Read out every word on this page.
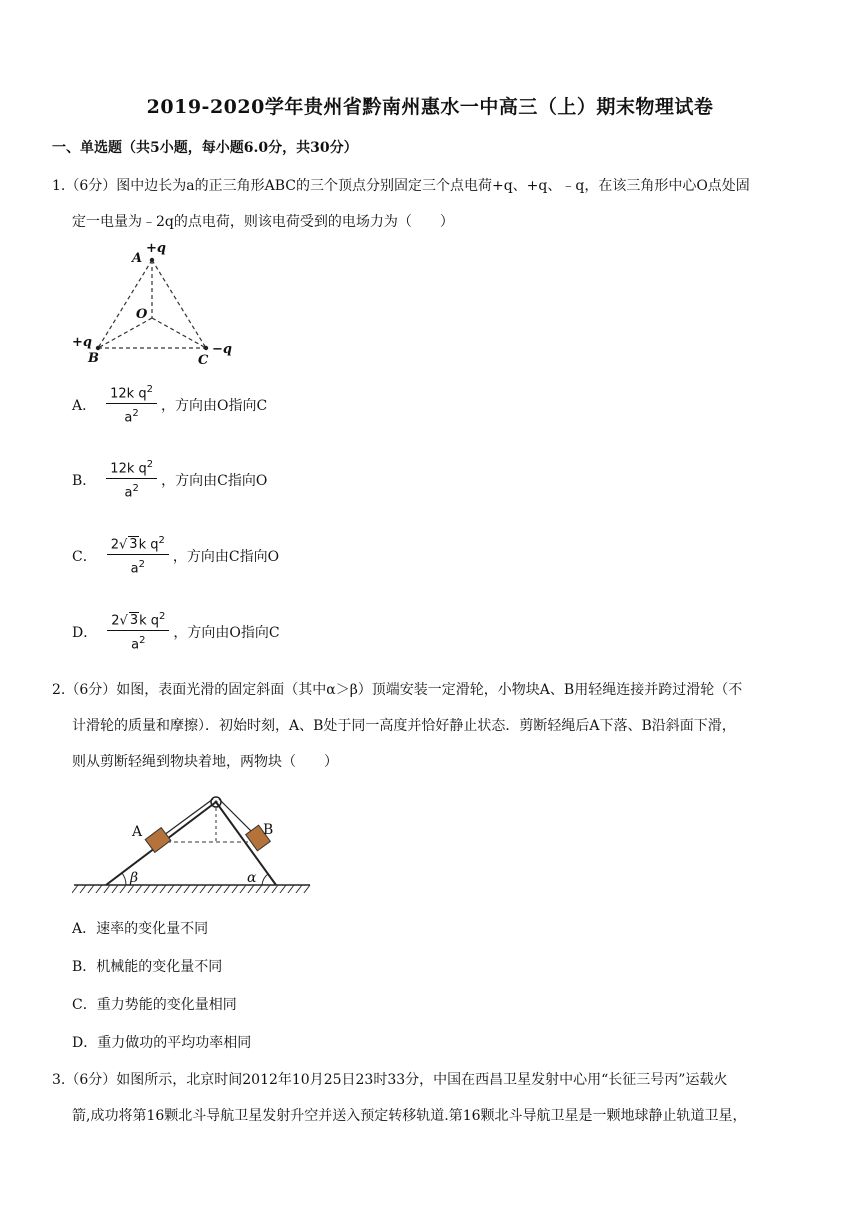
2019-2020学年贵州省黔南州惠水一中高三（上）期末物理试卷
一、单选题（共5小题，每小题6.0分，共30分）
1.（6分）图中边长为a的正三角形ABC的三个顶点分别固定三个点电荷+q、+q、﹣q，在该三角形中心O点处固
定一电量为﹣2q的点电荷，则该电荷受到的电场力为（　　）
A
+q
O
+q
B	C
−q
A． $\frac{12k q^2}{a^2}$ ，方向由O指向C
B． $\frac{12k q^2}{a^2}$ ，方向由C指向O
C． $\frac{2√ 3k q^2}{a^2}$ ，方向由C指向O
D． $\frac{2√ 3k q^2}{a^2}$ ，方向由O指向C
2.（6分）如图，表面光滑的固定斜面（其中α＞β）顶端安装一定滑轮，小物块A、B用轻绳连接并跨过滑轮（不
计滑轮的质量和摩擦）．初始时刻，A、B处于同一高度并恰好静止状态．剪断轻绳后A下落、B沿斜面下滑，
则从剪断轻绳到物块着地，两物块（　　）
A	B
β	α
A．速率的变化量不同
B．机械能的变化量不同
C．重力势能的变化量相同
D．重力做功的平均功率相同
3.（6分）如图所示，北京时间2012年10月25日23时33分，中国在西昌卫星发射中心用“长征三号丙”运载火
箭,成功将第16颗北斗导航卫星发射升空并送入预定转移轨道.第16颗北斗导航卫星是一颗地球静止轨道卫星，
